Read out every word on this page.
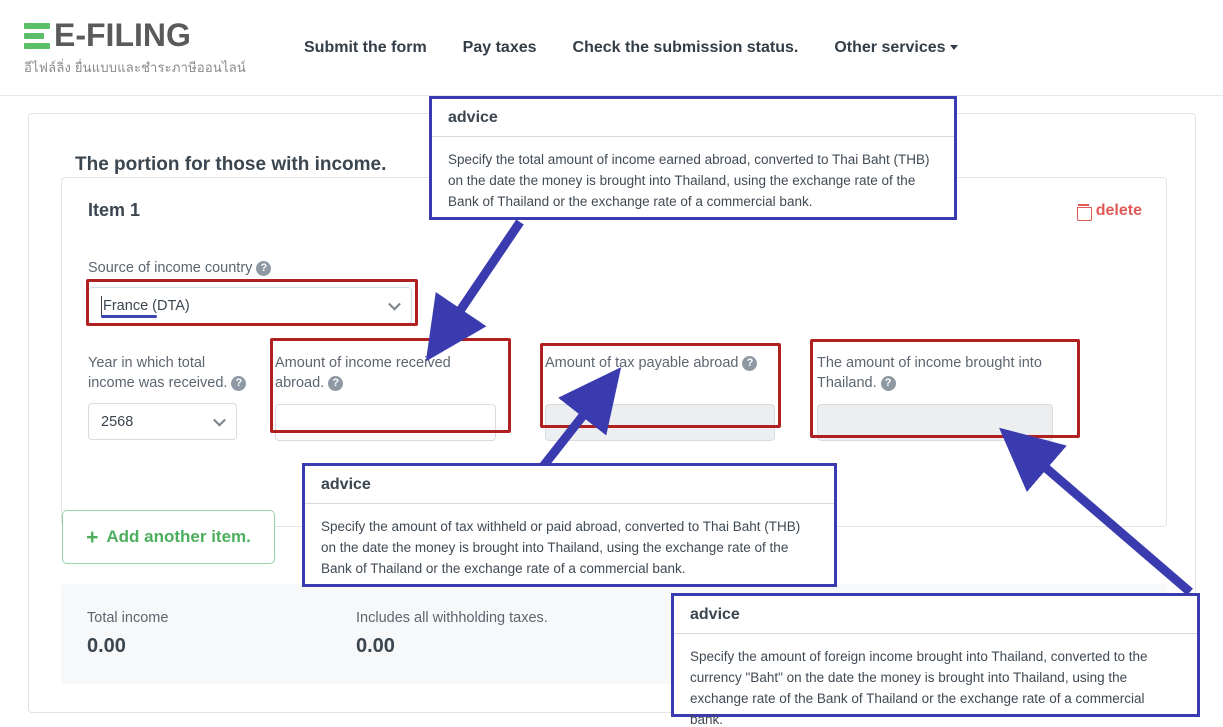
E-FILING
อีไฟล์ลิ่ง ยื่นแบบและชำระภาษีออนไลน์
Submit the form Pay taxes Check the submission status. Other services
The portion for those with income.
Item 1	delete
Source of income country ?
France (DTA)
Year in which total
income was received. ?
2568
Amount of income received
abroad. ?
Amount of tax payable abroad ?	The amount of income brought into
Thailand. ?
+ Add another item.
Total income
0.00
Includes all withholding taxes.
0.00
advice
Specify the total amount of income earned abroad, converted to Thai Baht (THB) on the date the money is brought into Thailand, using the exchange rate of the Bank of Thailand or the exchange rate of a commercial bank.
advice
Specify the amount of tax withheld or paid abroad, converted to Thai Baht (THB) on the date the money is brought into Thailand, using the exchange rate of the Bank of Thailand or the exchange rate of a commercial bank.
advice
Specify the amount of foreign income brought into Thailand, converted to the currency "Baht" on the date the money is brought into Thailand, using the exchange rate of the Bank of Thailand or the exchange rate of a commercial bank.
